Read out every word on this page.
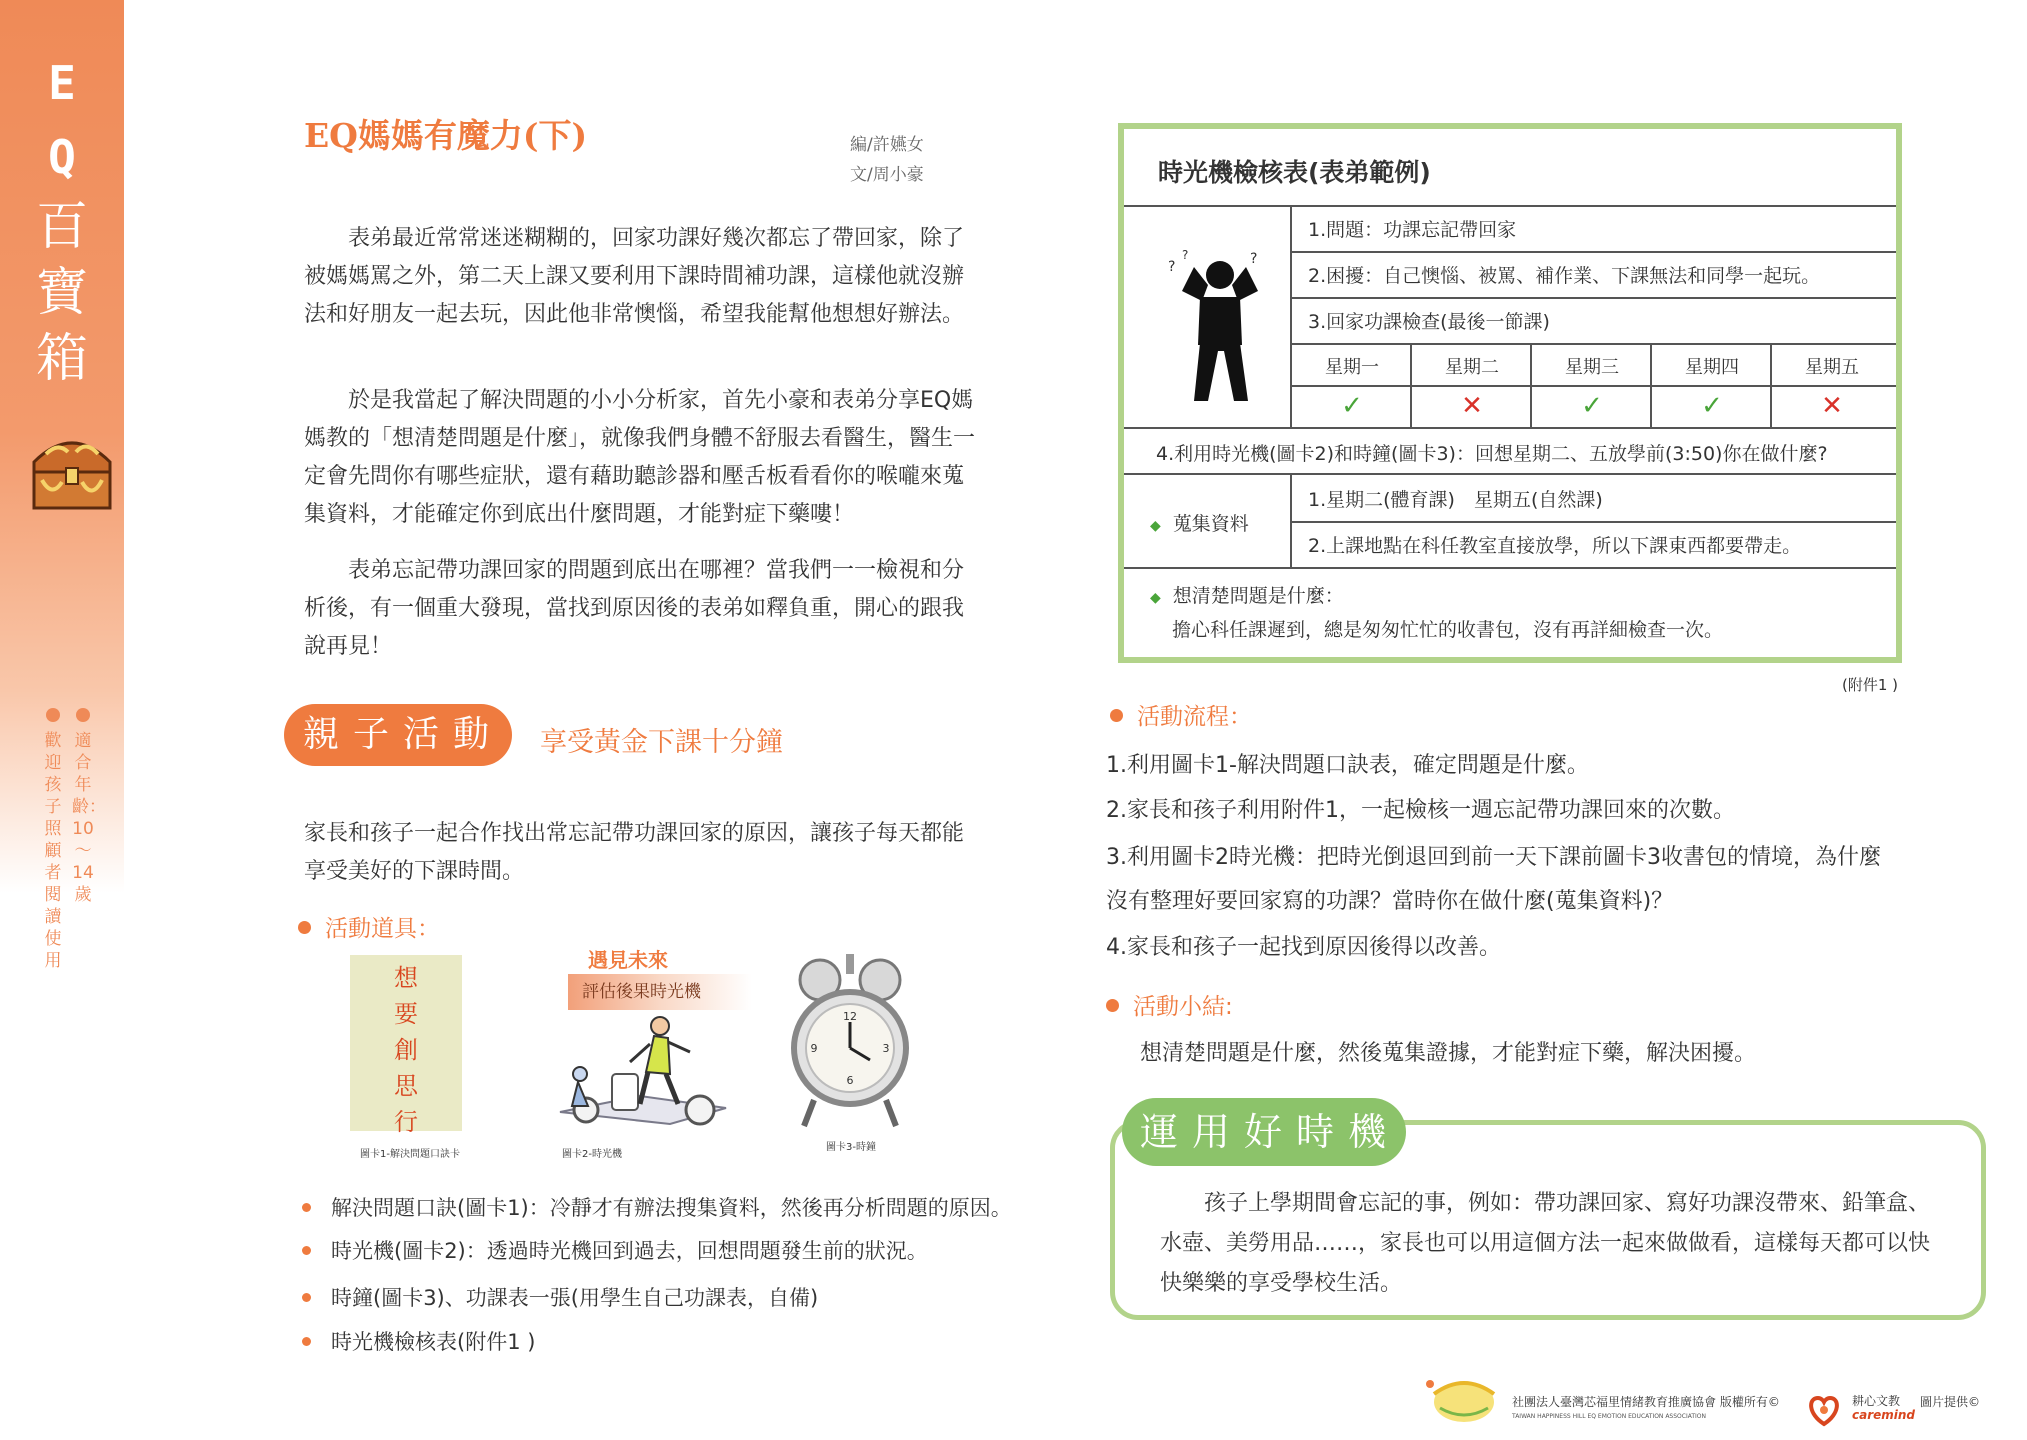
E
Q
百
寶
箱
歡迎孩子照顧者閱讀使用
適合年齡：10～14歲
EQ媽媽有魔力(下)	編/許嬿女
文/周小豪

表弟最近常常迷迷糊糊的，回家功課好幾次都忘了帶回家，除了被媽媽罵之外，第二天上課又要利用下課時間補功課，這樣他就沒辦法和好朋友一起去玩，因此他非常懊惱，希望我能幫他想想好辦法。

於是我當起了解決問題的小小分析家，首先小豪和表弟分享EQ媽媽教的「想清楚問題是什麼」，就像我們身體不舒服去看醫生，醫生一定會先問你有哪些症狀，還有藉助聽診器和壓舌板看看你的喉嚨來蒐集資料，才能確定你到底出什麼問題，才能對症下藥嘍！

表弟忘記帶功課回家的問題到底出在哪裡？當我們一一檢視和分析後，有一個重大發現，當找到原因後的表弟如釋負重，開心的跟我說再見！

親子活動	享受黃金下課十分鐘

家長和孩子一起合作找出常忘記帶功課回家的原因，讓孩子每天都能享受美好的下課時間。

活動道具：
想
要
創
思
行
遇見未來
評估後果時光機
12
3
6
9
圖卡1-解決問題口訣卡	圖卡2-時光機
圖卡3-時鐘
解決問題口訣(圖卡1)：冷靜才有辦法搜集資料，然後再分析問題的原因。
時光機(圖卡2)：透過時光機回到過去，回想問題發生前的狀況。
時鐘(圖卡3)、功課表一張(用學生自己功課表，自備)
時光機檢核表(附件1 )
時光機檢核表(表弟範例)
?
?	?
1.問題：功課忘記帶回家
2.困擾：自己懊惱、被罵、補作業、下課無法和同學一起玩。
3.回家功課檢查(最後一節課)
星期一	星期二	星期三	星期四	星期五
✓	✕	✓	✓	✕
4.利用時光機(圖卡2)和時鐘(圖卡3)：回想星期二、五放學前(3:50)你在做什麼?
◆ 蒐集資料
1.星期二(體育課)　星期五(自然課)
2.上課地點在科任教室直接放學，所以下課東西都要帶走。
◆ 想清楚問題是什麼：
擔心科任課遲到，總是匆匆忙忙的收書包，沒有再詳細檢查一次。
(附件1 )
活動流程：
1.利用圖卡1-解決問題口訣表，確定問題是什麼。
2.家長和孩子利用附件1，一起檢核一週忘記帶功課回來的次數。
3.利用圖卡2時光機：把時光倒退回到前一天下課前圖卡3收書包的情境，為什麼
沒有整理好要回家寫的功課？當時你在做什麼(蒐集資料)？
4.家長和孩子一起找到原因後得以改善。
活動小結:
想清楚問題是什麼，然後蒐集證據，才能對症下藥，解決困擾。
運用好時機

孩子上學期間會忘記的事，例如：帶功課回家、寫好功課沒帶來、鉛筆盒、水壺、美勞用品……，家長也可以用這個方法一起來做做看，這樣每天都可以快快樂樂的享受學校生活。

社團法人臺灣芯福里情緒教育推廣協會 版權所有©
TAIWAN HAPPINESS HILL EQ EMOTION EDUCATION ASSOCIATION
耕心文教
caremind
圖片提供©
